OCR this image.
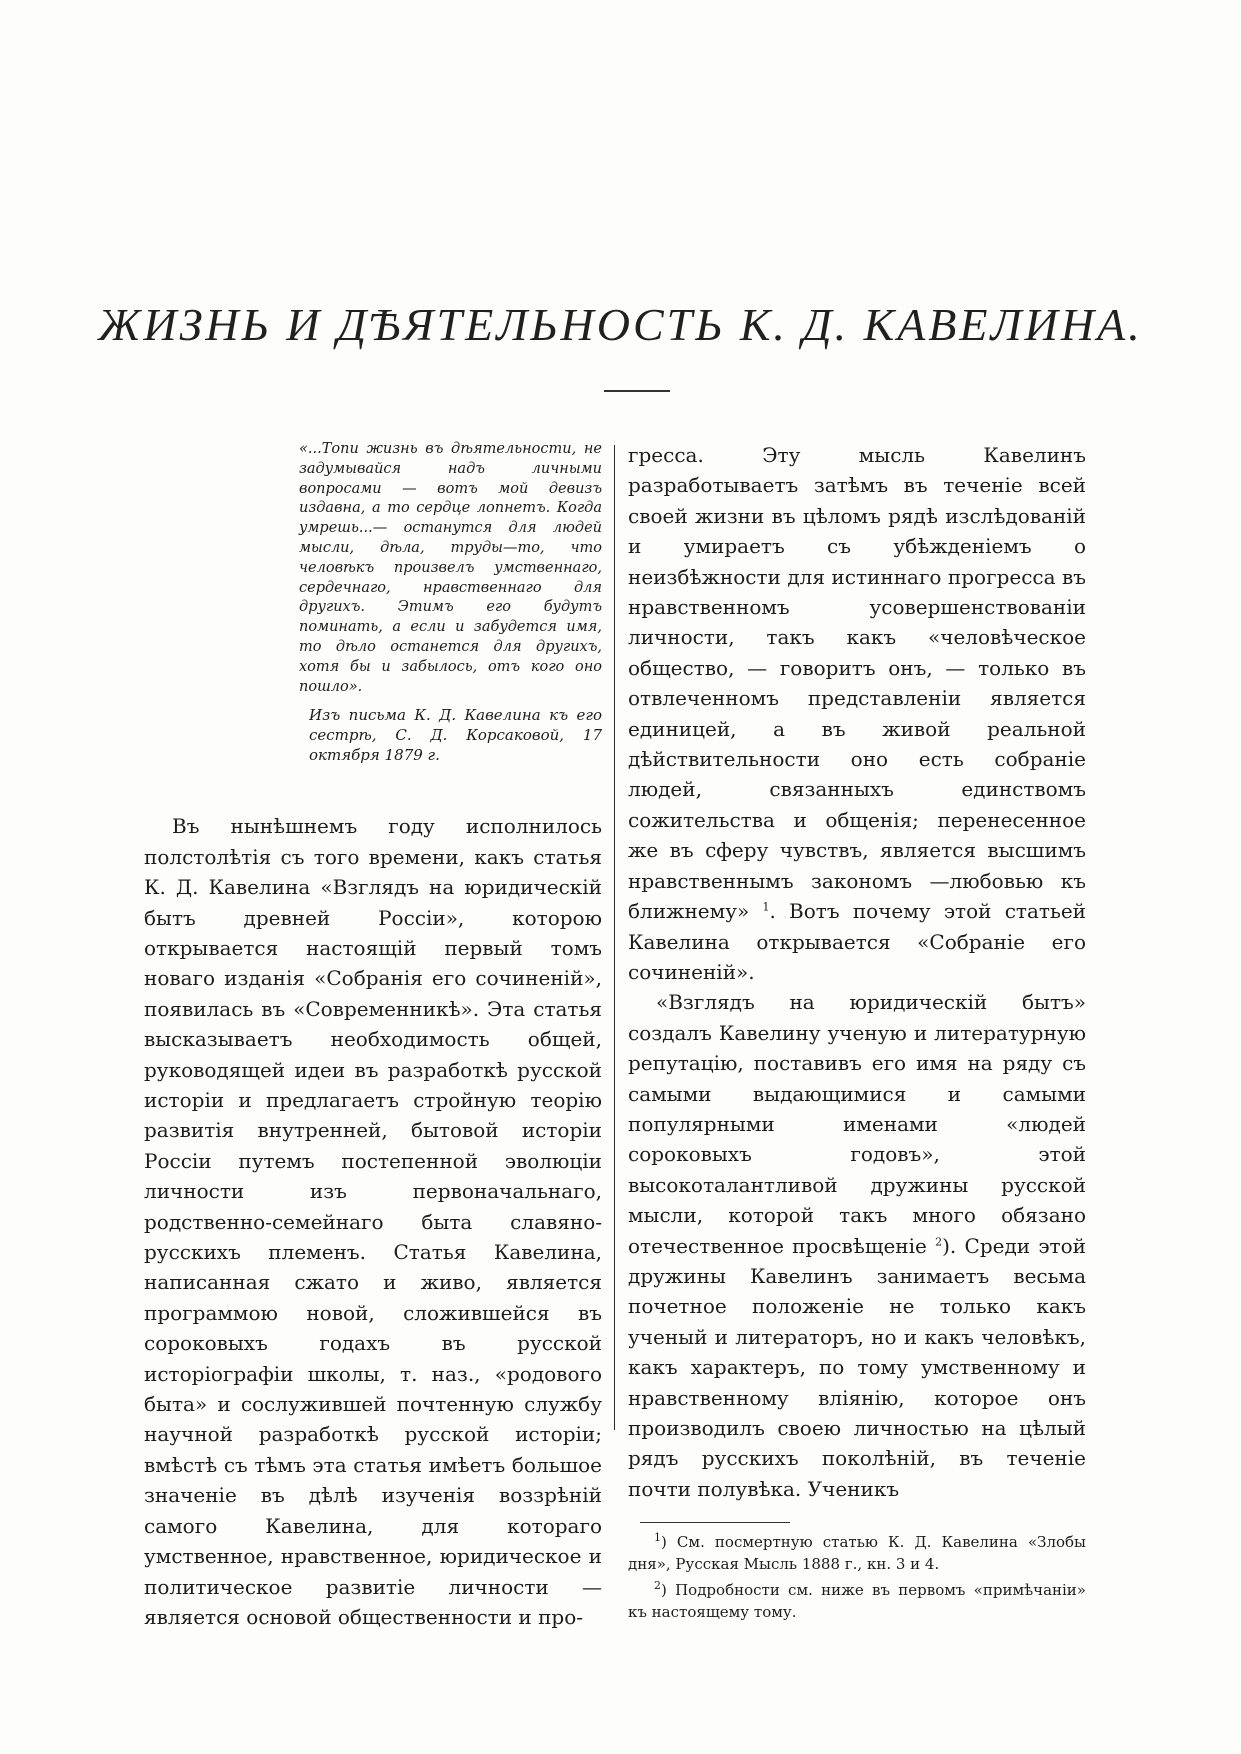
ЖИЗНЬ И ДѢЯТЕЛЬНОСТЬ К. Д. КАВЕЛИНА.

«...Топи жизнь въ дѣятельности, не задумывайся надъ личными вопросами — вотъ мой девизъ издавна, а то сердце лопнетъ. Когда умрешь...— останутся для людей мысли, дѣла, труды—то, что человѣкъ произвелъ умственнаго, сердечнаго, нравственнаго для другихъ. Этимъ его будутъ поминать, а если и забудется имя, то дѣло останется для другихъ, хотя бы и забылось, отъ кого оно пошло».

Изъ письма К. Д. Кавелина къ его сестрѣ, С. Д. Корсаковой, 17 октября 1879 г.

Въ нынѣшнемъ году исполнилось полстолѣтія съ того времени, какъ статья К. Д. Кавелина «Взглядъ на юридическій бытъ древней Россіи», которою открывается настоящій первый томъ новаго изданія «Собранія его сочиненій», появилась въ «Современникѣ». Эта статья высказываетъ необходимость общей, руководящей идеи въ разработкѣ русской исторіи и предлагаетъ стройную теорію развитія внутренней, бытовой исторіи Россіи путемъ постепенной эволюціи личности изъ первоначальнаго, родственно-семейнаго быта славяно-русскихъ племенъ. Статья Кавелина, написанная сжато и живо, является программою новой, сложившейся въ сороковыхъ годахъ въ русской исторіографіи школы, т. наз., «родового быта» и сослужившей почтенную службу научной разработкѣ русской исторіи; вмѣстѣ съ тѣмъ эта статья имѣетъ большое значеніе въ дѣлѣ изученія воззрѣній самого Кавелина, для котораго умственное, нравственное, юридическое и политическое развитіе личности — является основой общественности и про-

гресса. Эту мысль Кавелинъ разработываетъ затѣмъ въ теченіе всей своей жизни въ цѣломъ рядѣ изслѣдованій и умираетъ съ убѣжденіемъ о неизбѣжности для истиннаго прогресса въ нравственномъ усовершенствованіи личности, такъ какъ «человѣческое общество, — говоритъ онъ, — только въ отвлеченномъ представленіи является единицей, а въ живой реальной дѣйствительности оно есть собраніе людей, связанныхъ единствомъ сожительства и общенія; перенесенное же въ сферу чувствъ, является высшимъ нравственнымъ закономъ —любовью къ ближнему» $^1$. Вотъ почему этой статьей Кавелина открывается «Собраніе его сочиненій».

«Взглядъ на юридическій бытъ» создалъ Кавелину ученую и литературную репутацію, поставивъ его имя на ряду съ самыми выдающимися и самыми популярными именами «людей сороковыхъ годовъ», этой высокоталантливой дружины русской мысли, которой такъ много обязано отечественное просвѣщеніе $^2$). Среди этой дружины Кавелинъ занимаетъ весьма почетное положеніе не только какъ ученый и литераторъ, но и какъ человѣкъ, какъ характеръ, по тому умственному и нравственному вліянію, которое онъ производилъ своею личностью на цѣлый рядъ русскихъ поколѣній, въ теченіе почти полувѣка. Ученикъ

$^1$) См. посмертную статью К. Д. Кавелина «Злобы дня», Русская Мысль 1888 г., кн. 3 и 4.

$^2$) Подробности см. ниже въ первомъ «примѣчаніи» къ настоящему тому.
